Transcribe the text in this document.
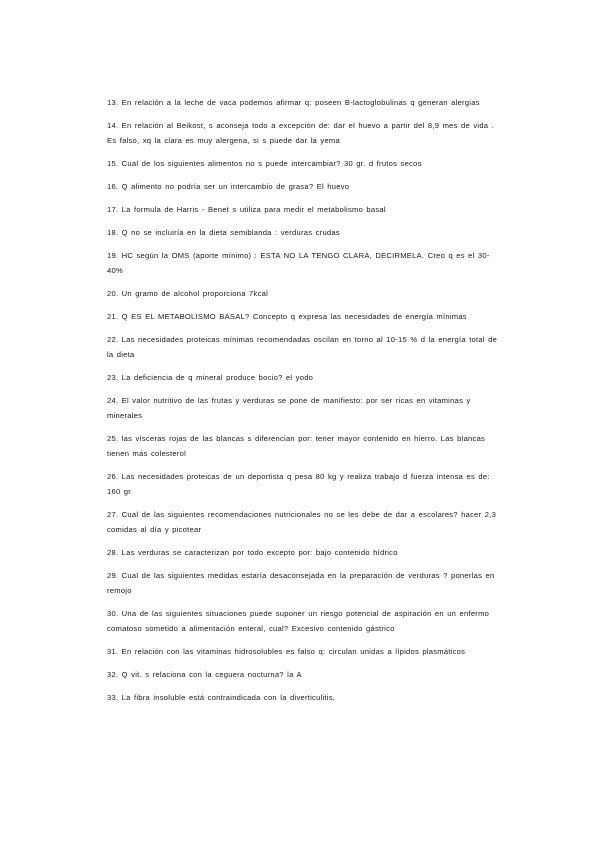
13. En relación a la leche de vaca podemos afirmar q: poseen B-lactoglobulinas q generan alergias

14. En relación al Beikost, s aconseja todo a excepción de: dar el huevo a partir del 8,9 mes de vida . Es falso, xq la clara es muy alergena, si s puede dar la yema

15. Cual de los siguientes alimentos no s puede intercambiar? 30 gr. d frutos secos

16. Q alimento no podría ser un intercambio de grasa? El huevo

17. La formula de Harris - Benet s utiliza para medir el metabolismo basal

18. Q no se incluiría en la dieta semiblanda : verduras crudas

19. HC según la OMS (aporte mínimo) : ESTA NO LA TENGO CLARA, DECIRMELA. Creo q es el 30-40%

20. Un gramo de alcohol proporciona 7kcal

21. Q ES EL METABOLISMO BASAL? Concepto q expresa las necesidades de energía mínimas

22. Las necesidades proteicas mínimas recomendadas oscilan en torno al 10-15 % d la energía total de la dieta

23. La deficiencia de q mineral produce bocio? el yodo

24. El valor nutritivo de las frutas y verduras se pone de manifiesto: por ser ricas en vitaminas y minerales

25. las vísceras rojas de las blancas s diferencian por: tener mayor contenido en hierro. Las blancas tienen más colesterol

26. Las necesidades proteicas de un deportista q pesa 80 kg y realiza trabajo d fuerza intensa es de: 160 gr

27. Cual de las siguientes recomendaciones nutricionales no se les debe de dar a escolares? hacer 2,3 comidas al día y picotear

28. Las verduras se caracterizan por todo excepto por: bajo contenido hídrico

29. Cual de las siguientes medidas estaría desaconsejada en la preparación de verduras ? ponerlas en remojo

30. Una de las siguientes situaciones puede suponer un riesgo potencial de aspiración en un enfermo comatoso sometido a alimentación enteral, cual? Excesivo contenido gástrico

31. En relación con las vitaminas hidrosolubles es falso q: circulan unidas a lípidos plasmáticos

32. Q vit. s relaciona con la ceguera nocturna? la A

33. La fibra insoluble está contraindicada con la diverticulitis,
